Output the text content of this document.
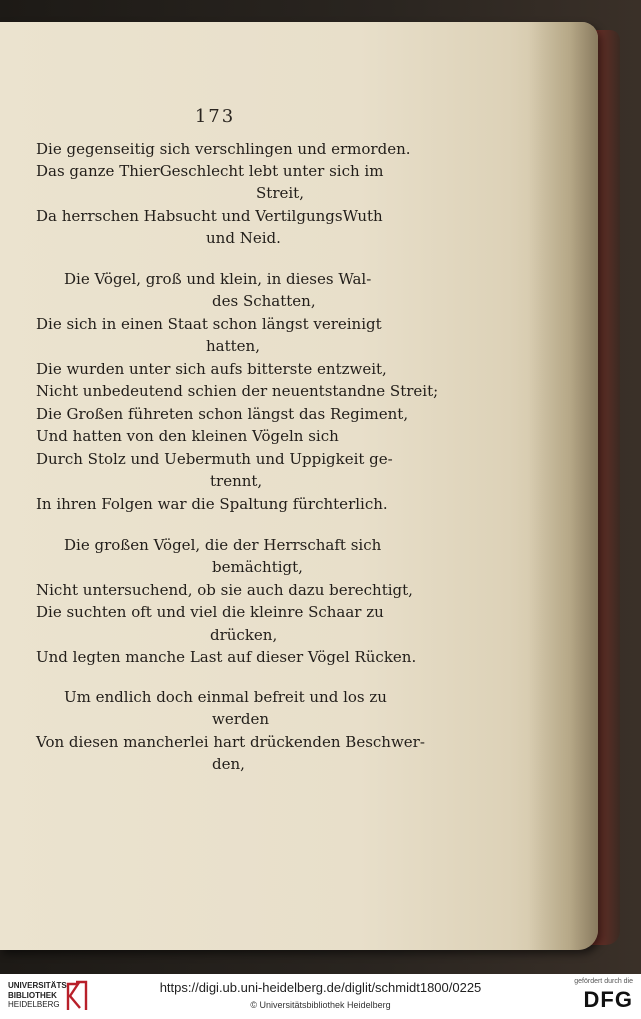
173
Die gegenseitig sich verschlingen und ermorden.
Das ganze ThierGeschlecht lebt unter sich im
Streit,
Da herrschen Habsucht und VertilgungsWuth
und Neid.
Die Vögel, groß und klein, in dieses Wal-
des Schatten,
Die sich in einen Staat schon längst vereinigt
hatten,
Die wurden unter sich aufs bitterste entzweit,
Nicht unbedeutend schien der neuentstandne Streit;
Die Großen führeten schon längst das Regiment,
Und hatten von den kleinen Vögeln sich
Durch Stolz und Uebermuth und Uppigkeit ge-
trennt,
In ihren Folgen war die Spaltung fürchterlich.
Die großen Vögel, die der Herrschaft sich
bemächtigt,
Nicht untersuchend, ob sie auch dazu berechtigt,
Die suchten oft und viel die kleinre Schaar zu
drücken,
Und legten manche Last auf dieser Vögel Rücken.
Um endlich doch einmal befreit und los zu
werden
Von diesen mancherlei hart drückenden Beschwer-
den,
UNIVERSITÄTS-
BIBLIOTHEK
HEIDELBERG
https://digi.ub.uni-heidelberg.de/diglit/schmidt1800/0225
© Universitätsbibliothek Heidelberg
gefördert durch die
DFG
